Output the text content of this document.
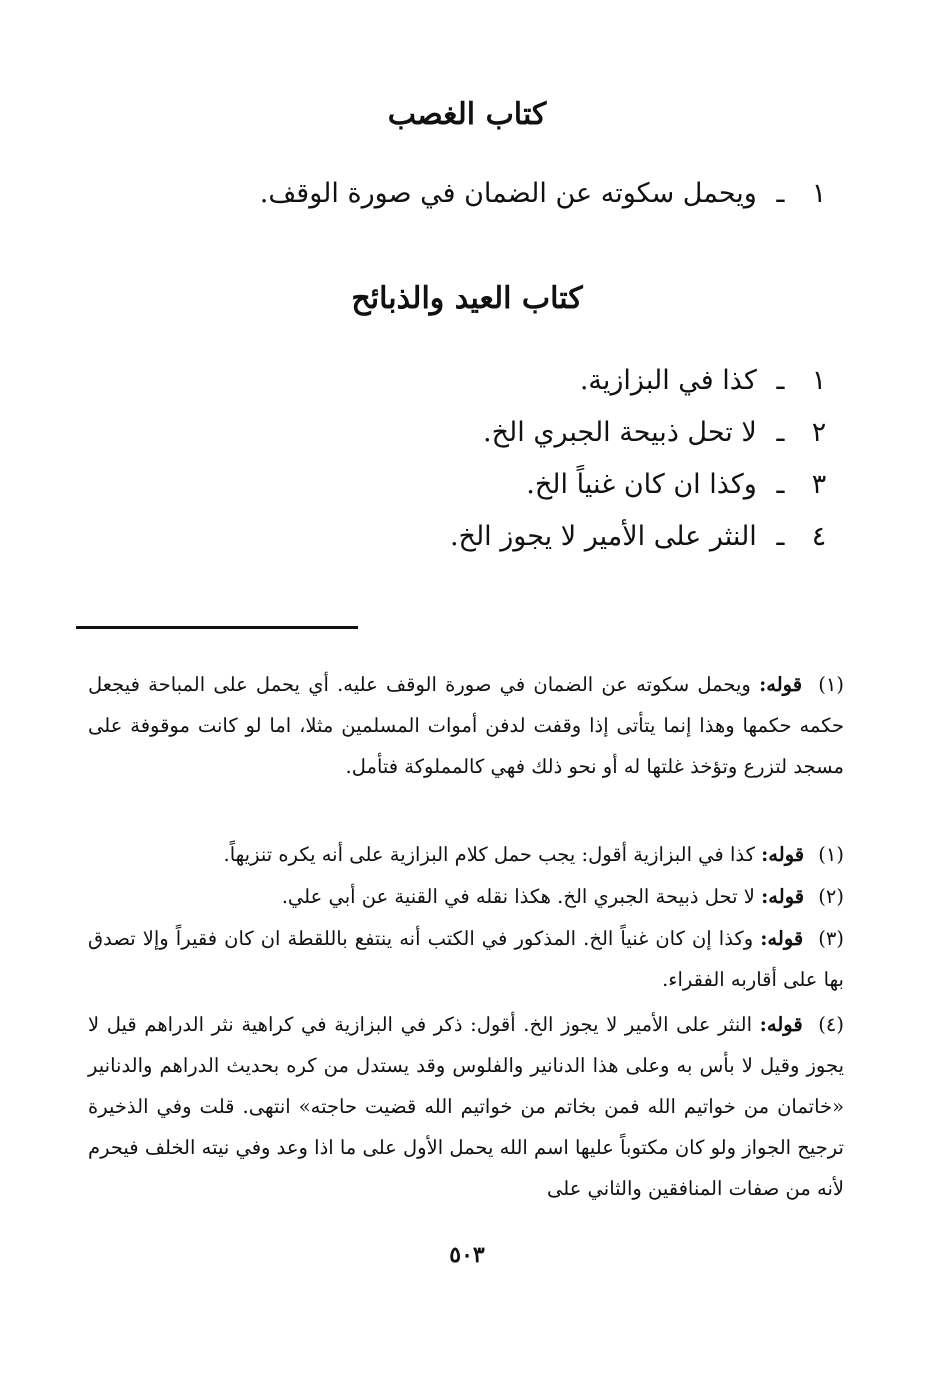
كتاب الغصب
١ ـ ويحمل سكوته عن الضمان في صورة الوقف.
كتاب العيد والذبائح
١ ـ كذا في البزازية.
٢ ـ لا تحل ذبيحة الجبري الخ.
٣ ـ وكذا ان كان غنياً الخ.
٤ ـ النثر على الأمير لا يجوز الخ.
(١) قوله: ويحمل سكوته عن الضمان في صورة الوقف عليه. أي يحمل على المباحة فيجعل حكمه حكمها وهذا إنما يتأتى إذا وقفت لدفن أموات المسلمين مثلا، اما لو كانت موقوفة على مسجد لتزرع وتؤخذ غلتها له أو نحو ذلك فهي كالمملوكة فتأمل.
(١) قوله: كذا في البزازية أقول: يجب حمل كلام البزازية على أنه يكره تنزيهاً.
(٢) قوله: لا تحل ذبيحة الجبري الخ. هكذا نقله في القنية عن أبي علي.
(٣) قوله: وكذا إن كان غنياً الخ. المذكور في الكتب أنه ينتفع باللقطة ان كان فقيراً وإلا تصدق بها على أقاربه الفقراء.
(٤) قوله: النثر على الأمير لا يجوز الخ. أقول: ذكر في البزازية في كراهية نثر الدراهم قيل لا يجوز وقيل لا بأس به وعلى هذا الدنانير والفلوس وقد يستدل من كره بحديث الدراهم والدنانير «خاتمان من خواتيم الله فمن بخاتم من خواتيم الله قضيت حاجته» انتهى. قلت وفي الذخيرة ترجيح الجواز ولو كان مكتوباً عليها اسم الله يحمل الأول على ما اذا وعد وفي نيته الخلف فيحرم لأنه من صفات المنافقين والثاني على
٥٠٣
